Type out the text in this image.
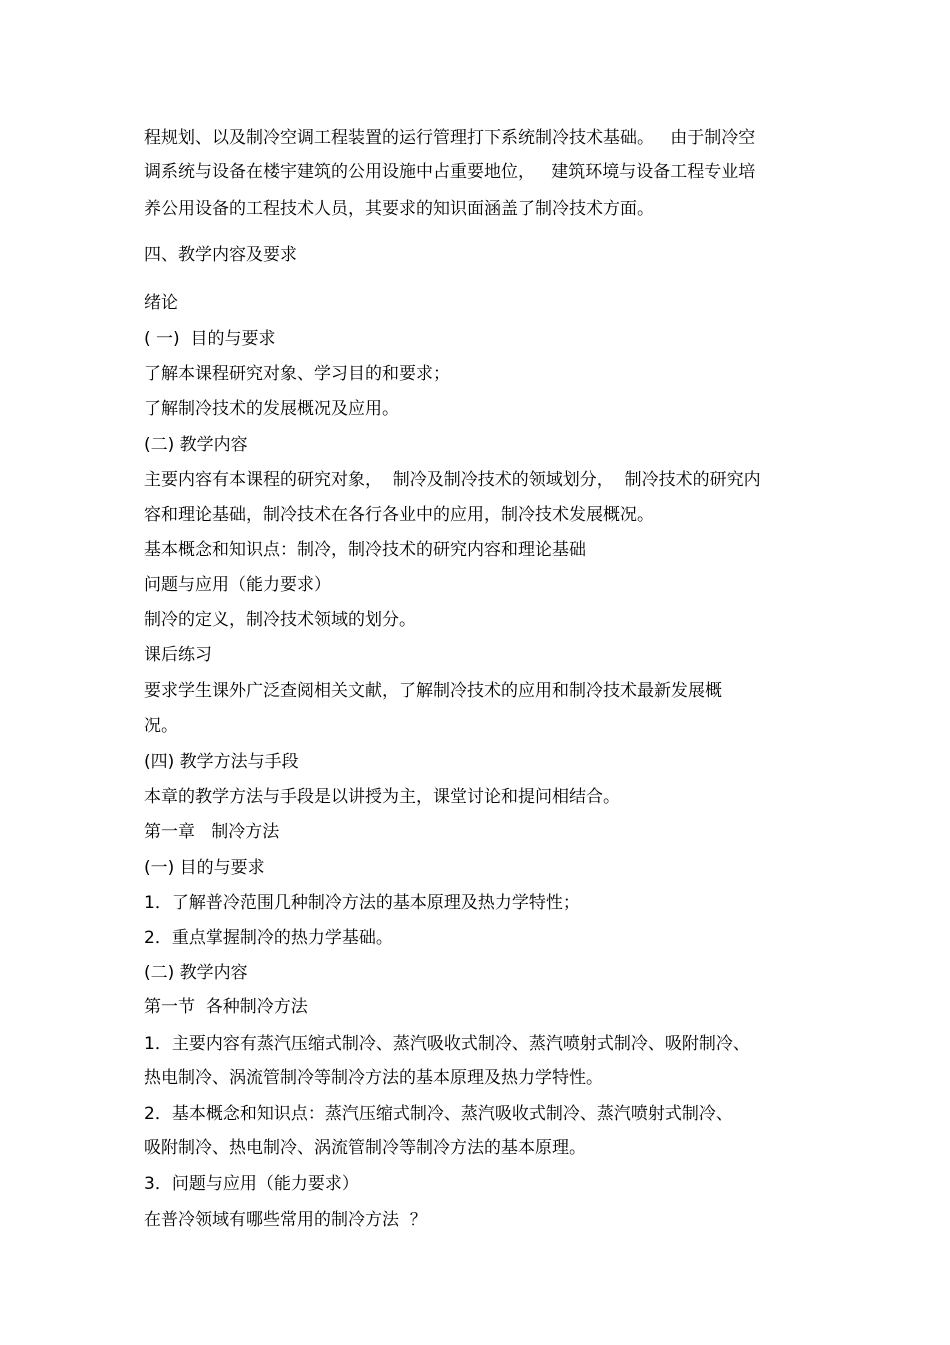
程规划、以及制冷空调工程装置的运行管理打下系统制冷技术基础。   由于制冷空

调系统与设备在楼宇建筑的公用设施中占重要地位，   建筑环境与设备工程专业培

养公用设备的工程技术人员，其要求的知识面涵盖了制冷技术方面。

四、教学内容及要求

绪论

( 一)  目的与要求

了解本课程研究对象、学习目的和要求；

了解制冷技术的发展概况及应用。

(二) 教学内容

主要内容有本课程的研究对象，  制冷及制冷技术的领域划分，  制冷技术的研究内

容和理论基础，制冷技术在各行各业中的应用，制冷技术发展概况。

基本概念和知识点：制冷，制冷技术的研究内容和理论基础

问题与应用（能力要求）

制冷的定义，制冷技术领域的划分。

课后练习

要求学生课外广泛查阅相关文献，了解制冷技术的应用和制冷技术最新发展概

况。

(四) 教学方法与手段

本章的教学方法与手段是以讲授为主，课堂讨论和提问相结合。

第一章   制冷方法

(一) 目的与要求

1．了解普冷范围几种制冷方法的基本原理及热力学特性；

2．重点掌握制冷的热力学基础。

(二) 教学内容

第一节  各种制冷方法

1．主要内容有蒸汽压缩式制冷、蒸汽吸收式制冷、蒸汽喷射式制冷、吸附制冷、

热电制冷、涡流管制冷等制冷方法的基本原理及热力学特性。

2．基本概念和知识点：蒸汽压缩式制冷、蒸汽吸收式制冷、蒸汽喷射式制冷、

吸附制冷、热电制冷、涡流管制冷等制冷方法的基本原理。

3．问题与应用（能力要求）

在普冷领域有哪些常用的制冷方法  ？
